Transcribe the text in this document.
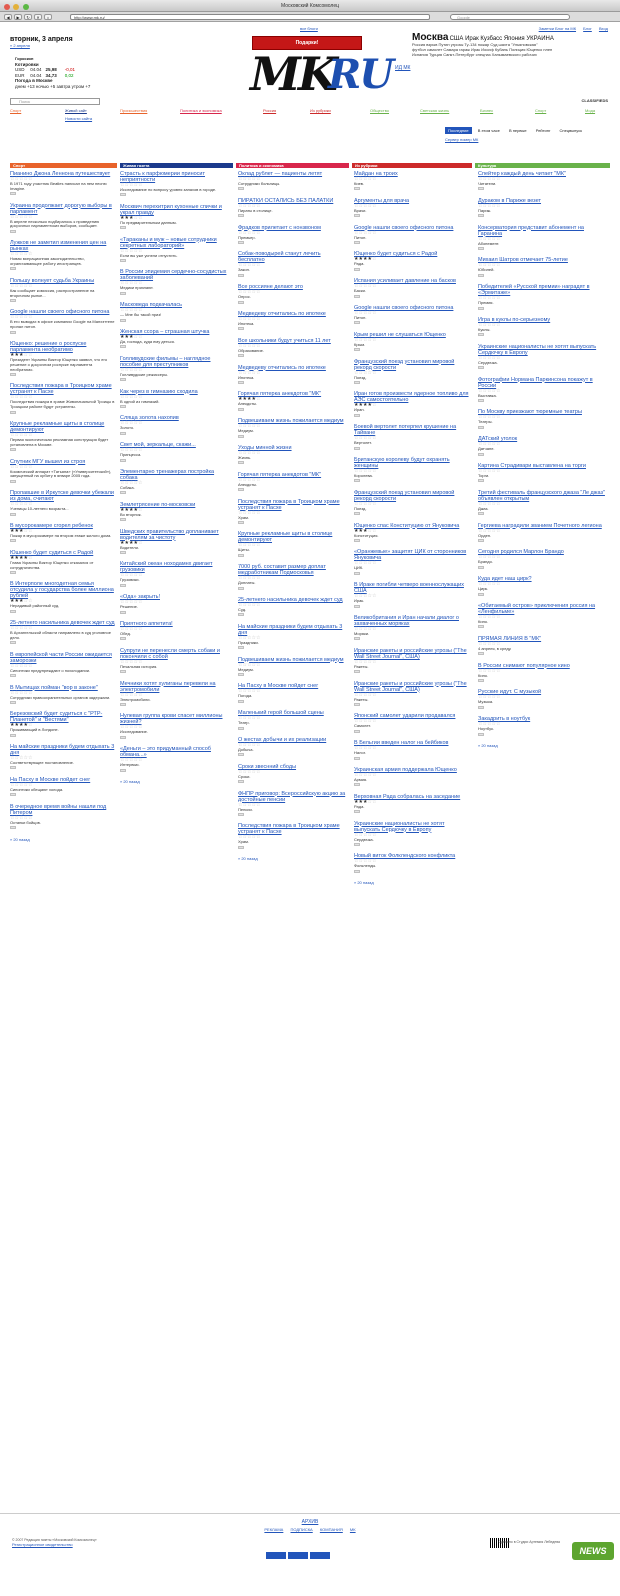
Московский Комсомолец
◀	▶	↻	✕	⌂	http://www.mk.ru/	Google
все блоги	Заметки Блог на МК Блог Вход
вторник, 3 апреля
« 2 апреля
Гороскоп
Котировки
USD 04.04 25,98 -0,01
EUR 04.04 34,73 0,02
Погода в Москве
днем +13 ночью +5 завтра утром +7
Подарки!
MK
RU ИД МК
Москва США Ирак Кузбасс Япония УКРАИНА
Россия взрыв Путин угрозы Ту-134 пожар Суд шахта "Ульяновская"
футбол самолет Самара гараж Ирак Иосиф Кубань Полиция Ющенко плен
Испания Турция Санкт-Петербург спецназ Ханымаевского рабочих
Поиск	CLASSIFIEDS
Спорт	Живой сайт	Происшествия	Политика и экономика	Россия	Из рубрики	Общество	Светская жизнь	Бизнес	Спорт	Мода
Новости сайта
Последние В этом часе В первые Рейтинг Спецвыпуск
Сервер номер МК
Спорт	Живая газета	Политика и экономика	Из рубрики	Культура
Пианино Джона Леннона путешествует
☆☆☆☆☆
В 1971 году участник Beatles написал на нем песню Imagine.
Украина продолжает дорогую выборы в парламент
☆☆☆☆☆
В апреле несколько подбиралось к проведению досрочных парламентских выборов, сообщает.
Лужков не заметил изменения цен на рынках
☆☆☆☆☆
Новая миграционная законодательство, ограничивающее работу иностранцев.
Польшу волнует судьба Украины
☆☆☆☆☆
Как сообщает комиссия, распространение на вторичном рынке...
Google нашли своего офисного питона
☆☆☆☆☆
В его выводах в офисе компании Google на Манхэттене пропал питон.
Ющенко: решение о роспуске парламента необратимо
★★★☆☆
Президент Украины Виктор Ющенко заявил, что его решение о досрочном роспуске парламента необратимо.
Последствия пожара в Троицком храме устранят к Пасхе
☆☆☆☆☆
Последствия пожара в храме Живоначальной Троицы в Троицком районе будут устранены.
Крупные рекламные щиты в столице демонтируют
☆☆☆☆☆
Первая экологическая рекламная конструкция будет установлена в Москве.
Спутник МГУ вышел из строя
☆☆☆☆☆
Космический аппарат «Татьяна» («Университетский»), запущенный на орбиту в январе 2005 года.
Пропавшие в Иркутске девочки убежали из дома, считают
☆☆☆☆☆
Ученицы 10-летнего возраста...
В мусорокамере сгорел ребенок
★★★☆☆
Пожар в мусорокамере на втором этаже жилого дома.
Юшенко будет судиться с Радой
★★★★☆
Глава Украины Виктор Ющенко отказался от сотрудничества.
В Интерполе многодетная семья отсудила у государства более миллиона рублей
★★★☆☆
Нерадивый районный суд.
25-летнего насильника девочек ждет суд
☆☆☆☆☆
В Архангельской области направлено в суд уголовное дело.
В европейской части России ожидается заморозки
☆☆☆☆☆
Синоптики предупреждают о похолодании.
В Мытищах пойман "вор в законе"
☆☆☆☆☆
Сотрудники правоохранительных органов задержали.
Березовский будет судиться с "РТР-Планетой" и "Вестями"
★★★★☆
Проживающий в Лондоне.
На майские праздники будем отдыхать 3 дня
☆☆☆☆☆
Соответствующее постановление.
На Пасху в Москве пойдет снег
☆☆☆☆☆
Синоптики обещают холода.
В очередное время войны нашли под Питером
☆☆☆☆☆
Останки бойцов.
» 20 назад
Страсть к парфюмерии приносит неприятности
☆☆☆☆☆
Исследование по вопросу уровня запахов в городе.
Москвич перехитрил кухонные спички и украл правду
★★★☆☆
По предварительным данным.
«Тараканы и муж – новые сотрудники секретных лабораторий»
☆☆☆☆☆
Если вы уже успели отпустить.
В России эпидемия сердечно-сосудистых заболеваний
☆☆☆☆☆
Медики признают.
Масковеда подкачалась
☆☆☆☆☆
— Мне бы такой приз!
Женская ссора – страшная штучка
★★★☆☆
Да, господа, куда ему деться.
Голливудские фильмы – наглядное пособие для преступников
☆☆☆☆☆
Голливудские режиссеры.
Как через в гимназию сходила
☆☆☆☆☆
В одной из гимназий.
Сляща золота нахопив
☆☆☆☆☆
Золото.
Свет мой, зеркальце, скажи...
☆☆☆☆☆
Принцесса.
Элементарно тренажерах постройка собака
☆☆☆☆☆
Собака.
Землетрясение по-московски
★★★★☆
Во вторник.
Шведских правительство допланивает водителям за чистоту
★★★★☆
Водители.
Китайский океан ноходамнх двигает грузовики
☆☆☆☆☆
Грузовики.
«Ода» закрыть!
☆☆☆☆☆
Решение.
Приятного аппетита!
☆☆☆☆☆
Обед.
Супруги не перенесли смерть собаки и покончили с собой
☆☆☆☆☆
Печальная история.
Мечники хотят хулиганы перевели на электромобили
☆☆☆☆☆
Электромобили.
Нулевая группа крови спасет миллионы жизней?
☆☆☆☆☆
Исследование.
«Деньги – это придуманный способ обмана...»
☆☆☆☆☆
Интервью.
» 20 назад
Оклад рублет — пациенты летят
☆☆☆☆☆
Сотрудники больницы.
ПИРАТКИ ОСТАЛИСЬ БЕЗ ПАЛАТКИ
☆☆☆☆☆
Пираты в столице.
Фрадков прилетает с нонзвоном
☆☆☆☆☆
Премьер.
Собак-поводырей станут лечить бесплатно
☆☆☆☆☆
Закон.
Все россияне делают это
☆☆☆☆☆
Опрос.
Медведеву отчитались по ипотеке
☆☆☆☆☆
Ипотека.
Все школьники будут учиться 11 лет
☆☆☆☆☆
Образование.
Медведеву отчитались по ипотеке
☆☆☆☆☆
Ипотека.
Горячая пятерка анекдотов "МК"
★★★★☆
Анекдоты.
Подвешиваем жизнь пожилается медиум
☆☆☆☆☆
Медиум.
Уходы минной жизни
☆☆☆☆☆
Жизнь.
Горячая пятерка анекдотов "МК"
☆☆☆☆☆
Анекдоты.
Последствия пожара в Троицком храме устранят к Пасхе
☆☆☆☆☆
Храм.
Крупные рекламные щиты в столице демонтируют
☆☆☆☆☆
Щиты.
7000 руб. составит размер доплат медработникам Подмосковья
☆☆☆☆☆
Доплаты.
25-летнего насильника девочек ждет суд
☆☆☆☆☆
Суд.
На майские праздники будем отдыхать 3 дня
☆☆☆☆☆
Праздники.
Подвешиваем жизнь пожилается медиум
☆☆☆☆☆
Медиум.
На Пасху в Москве пойдет снег
☆☆☆☆☆
Погода.
Маленький герой большой сцены
☆☆☆☆☆
Театр.
О жестах добычи и их реализации
☆☆☆☆☆
Добыча.
Сроки звеснний сбоды
☆☆☆☆☆
Сроки.
ФНПР приговор: Всероссийскую акцию за достойные пенсии
☆☆☆☆☆
Пенсии.
Последствия пожара в Троицком храме устранят к Пасхе
☆☆☆☆☆
Храм.
» 20 назад
Майдан на троих
☆☆☆☆☆
Киев.
Аргументы для врача
☆☆☆☆☆
Врачи.
Google нашли своего офисного питона
☆☆☆☆☆
Питон.
Ющенко будет судиться с Радой
★★★★☆
Рада.
Испания усиливает давление на басков
☆☆☆☆☆
Баски.
Google нашли своего офисного питона
☆☆☆☆☆
Питон.
Крым решил не слушаться Ющенко
☆☆☆☆☆
Крым.
Французский поезд установил мировой рекорд скорости
☆☆☆☆☆
Поезд.
Иран готов произвести ядерное топливо для АЭС самостоятельно
★★★★☆
Иран.
Боевой вертолет потерпел крушение на Тайване
☆☆☆☆☆
Вертолет.
Британскую королеву будут охранять женщины
☆☆☆☆☆
Королева.
Французский поезд установил мировой рекорд скорости
☆☆☆☆☆
Поезд.
Ющенко спас Конституцию от Януковича
★★★☆☆
Конституция.
«Оранжевые» защитят ЦИК от сторонников Януковича
☆☆☆☆☆
ЦИК.
В Ираке погибли четверо военнослужащих США
☆☆☆☆☆
Ирак.
Великобритания и Иран начали диалог о захваченных моряках
☆☆☆☆☆
Моряки.
Иранские ракеты и российские угрозы ("The Wall Street Journal", США)
☆☆☆☆☆
Ракеты.
Иранские ракеты и российские угрозы ("The Wall Street Journal", США)
☆☆☆☆☆
Ракеты.
Японский самолет ударили продавался
☆☆☆☆☆
Самолет.
В Бельгии введен налог на бейбиков
☆☆☆☆☆
Налог.
Украинская армия поддержала Ющенко
☆☆☆☆☆
Армия.
Верховная Рада собралась на заседание
★★★☆☆
Рада.
Украинские националисты не хотят выпускать Сердючку в Европу
☆☆☆☆☆
Сердючка.
Новый виток Фолклендского конфликта
☆☆☆☆☆
Фолкленды.
» 20 назад
Спейтер каждый день читает "МК"
☆☆☆☆☆
Читатели.
Дураком в Париже везет
☆☆☆☆☆
Париж.
Консерватория представит абонемент на Гаранина
☆☆☆☆☆
Абонемент.
Михаил Шатров отмечает 75-летие
☆☆☆☆☆
Юбилей.
Победителей «Русской премии» наградят в «Эрмитаже»
☆☆☆☆☆
Премия.
Игра в куклы по-серьезному
☆☆☆☆☆
Куклы.
Украинские националисты не хотят выпускать Сердючку в Европу
☆☆☆☆☆
Сердючка.
Фотографии Нормана Паркинсона покажут в России
☆☆☆☆☆
Выставка.
По Москву приезжают тюремные театры
☆☆☆☆☆
Театры.
ДАТский уголок
☆☆☆☆☆
Датчане.
Картина Страдивари выставлена на торги
☆☆☆☆☆
Торги.
Третий фестиваль французского джаза "Ле джаз" объявлен открытым
☆☆☆☆☆
Джаз.
Гергиева наградили званием Почетного легиона
☆☆☆☆☆
Орден.
Сегодня родился Марлон Брандо
☆☆☆☆☆
Брандо.
Куда идет наш цирк?
☆☆☆☆☆
Цирк.
«Обитаемый остров» приключения россия на «Ленфильме»
☆☆☆☆☆
Кино.
ПРЯМАЯ ЛИНИЯ В "МК"
☆☆☆☆☆
4 апреля, в среду.
В России снимают популярное кино
☆☆☆☆☆
Кино.
Русские идут. С музыкой
☆☆☆☆☆
Музыка.
Закадрить в ноутбук
☆☆☆☆☆
Ноутбук.
» 20 назад
АРХИВ
РЕКЛАМА ПОДПИСКА КОМПАНИЯ МК
© 2007 Редакция газеты «Московский Комсомолец»
Регистрационное свидетельство	Сделано в Студии Артемия Лебедева
NEWS
